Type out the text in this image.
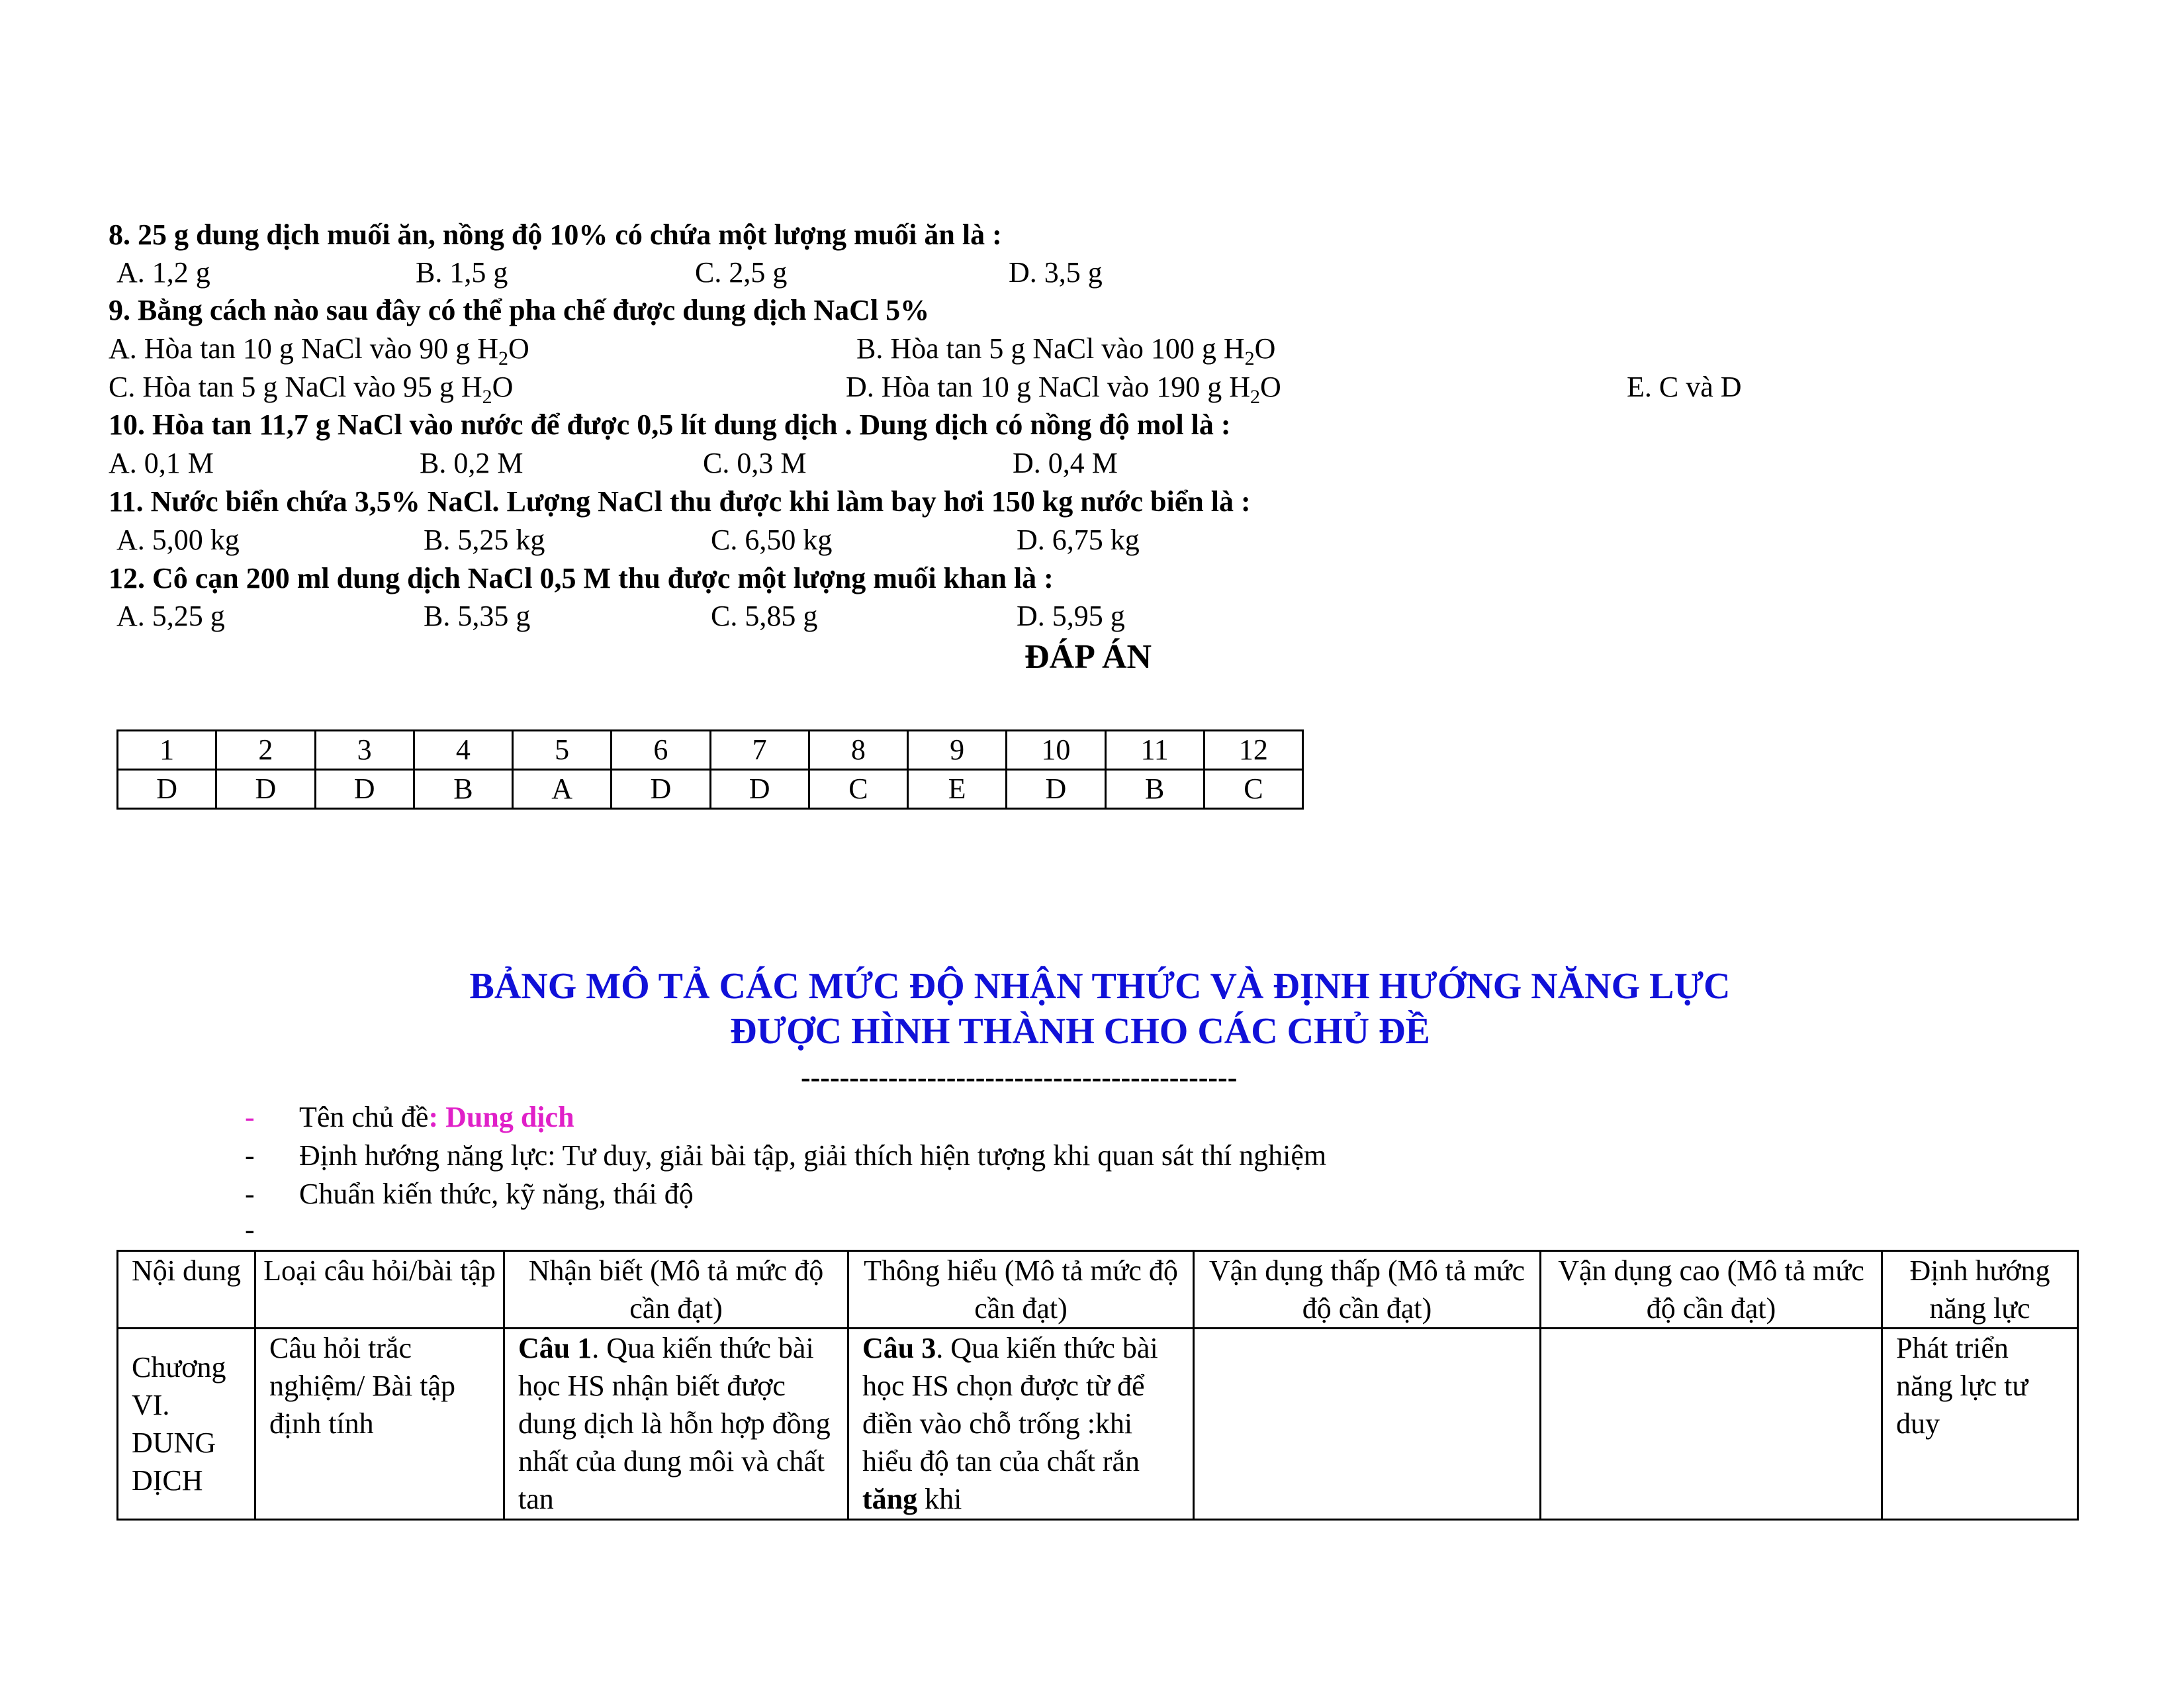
8. 25 g dung dịch muối ăn, nồng độ 10% có chứa một lượng muối ăn là :
A. 1,2 g	B. 1,5 g	C. 2,5 g	D. 3,5 g
9. Bằng cách nào sau đây có thể pha chế được dung dịch NaCl 5%
A. Hòa tan 10 g NaCl vào 90 g $H_2O$	B. Hòa tan 5 g NaCl vào 100 g $H_2O$
C. Hòa tan 5 g NaCl vào 95 g $H_2O$	D. Hòa tan 10 g NaCl vào 190 g $H_2O$	E. C và D
10. Hòa tan 11,7 g NaCl vào nước để được 0,5 lít dung dịch . Dung dịch có nồng độ mol là :
A. 0,1 M	B. 0,2 M	C. 0,3 M	D. 0,4 M
11. Nước biển chứa 3,5% NaCl. Lượng NaCl thu được khi làm bay hơi 150 kg nước biển là :
A. 5,00 kg	B. 5,25 kg	C. 6,50 kg	D. 6,75 kg
12. Cô cạn 200 ml dung dịch NaCl 0,5 M thu được một lượng muối khan là :
A. 5,25 g	B. 5,35 g	C. 5,85 g	D. 5,95 g
ĐÁP ÁN
1	2	3	4	5	6	7	8	9	10	11	12
D	D	D	B	A	D	D	C	E	D	B	C
BẢNG MÔ TẢ CÁC MỨC ĐỘ NHẬN THỨC VÀ ĐỊNH HƯỚNG NĂNG LỰC
ĐƯỢC HÌNH THÀNH CHO CÁC CHỦ ĐỀ
---------------------------------------------
- Tên chủ đề: Dung dịch
- Định hướng năng lực: Tư duy, giải bài tập, giải thích hiện tượng khi quan sát thí nghiệm
- Chuẩn kiến thức, kỹ năng, thái độ
-
Nội dung	Loại câu hỏi/bài tập	Nhận biết (Mô tả mức độ cần đạt)	Thông hiểu (Mô tả mức độ cần đạt)	Vận dụng thấp (Mô tả mức độ cần đạt)	Vận dụng cao (Mô tả mức độ cần đạt)	Định hướng năng lực
Chương VI. DUNG DỊCH	Câu hỏi trắc nghiệm/ Bài tập định tính	Câu 1. Qua kiến thức bài học HS nhận biết được dung dịch là hỗn hợp đồng nhất của dung môi và chất tan	Câu 3. Qua kiến thức bài học HS chọn được từ để điền vào chỗ trống :khi hiểu độ tan của chất rắn tăng khi			Phát triển năng lực tư duy
